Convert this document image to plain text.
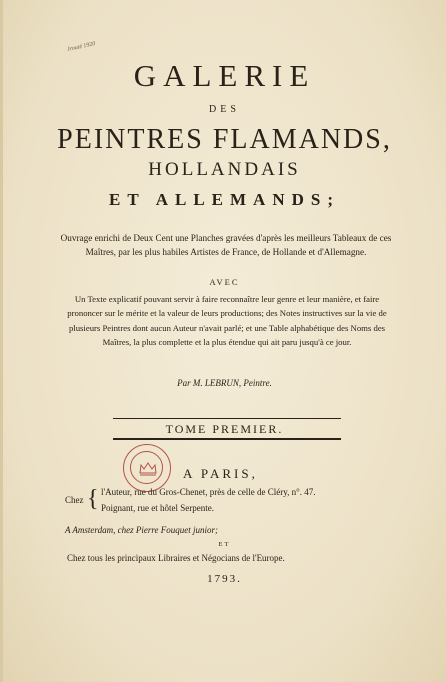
Jrouté 1920
GALERIE
DES
PEINTRES FLAMANDS,
HOLLANDAIS
ET ALLEMANDS;
Ouvrage enrichi de Deux Cent une Planches gravées d'après les meilleurs Tableaux de ces Maîtres, par les plus habiles Artistes de France, de Hollande et d'Allemagne.
AVEC
Un Texte explicatif pouvant servir à faire reconnaître leur genre et leur manière, et faire prononcer sur le mérite et la valeur de leurs productions; des Notes instructives sur la vie de plusieurs Peintres dont aucun Auteur n'avait parlé; et une Table alphabétique des Noms des Maîtres, la plus complette et la plus étendue qui ait paru jusqu'à ce jour.
Par M. LEBRUN, Peintre.
TOME PREMIER.
A PARIS,
Chez { l'Auteur, rue du Gros-Chenet, près de celle de Cléry, n°. 47.
Poignant, rue et hôtel Serpente.
A Amsterdam, chez Pierre Fouquet junior;
ET
Chez tous les principaux Libraires et Négocians de l'Europe.
1793.
